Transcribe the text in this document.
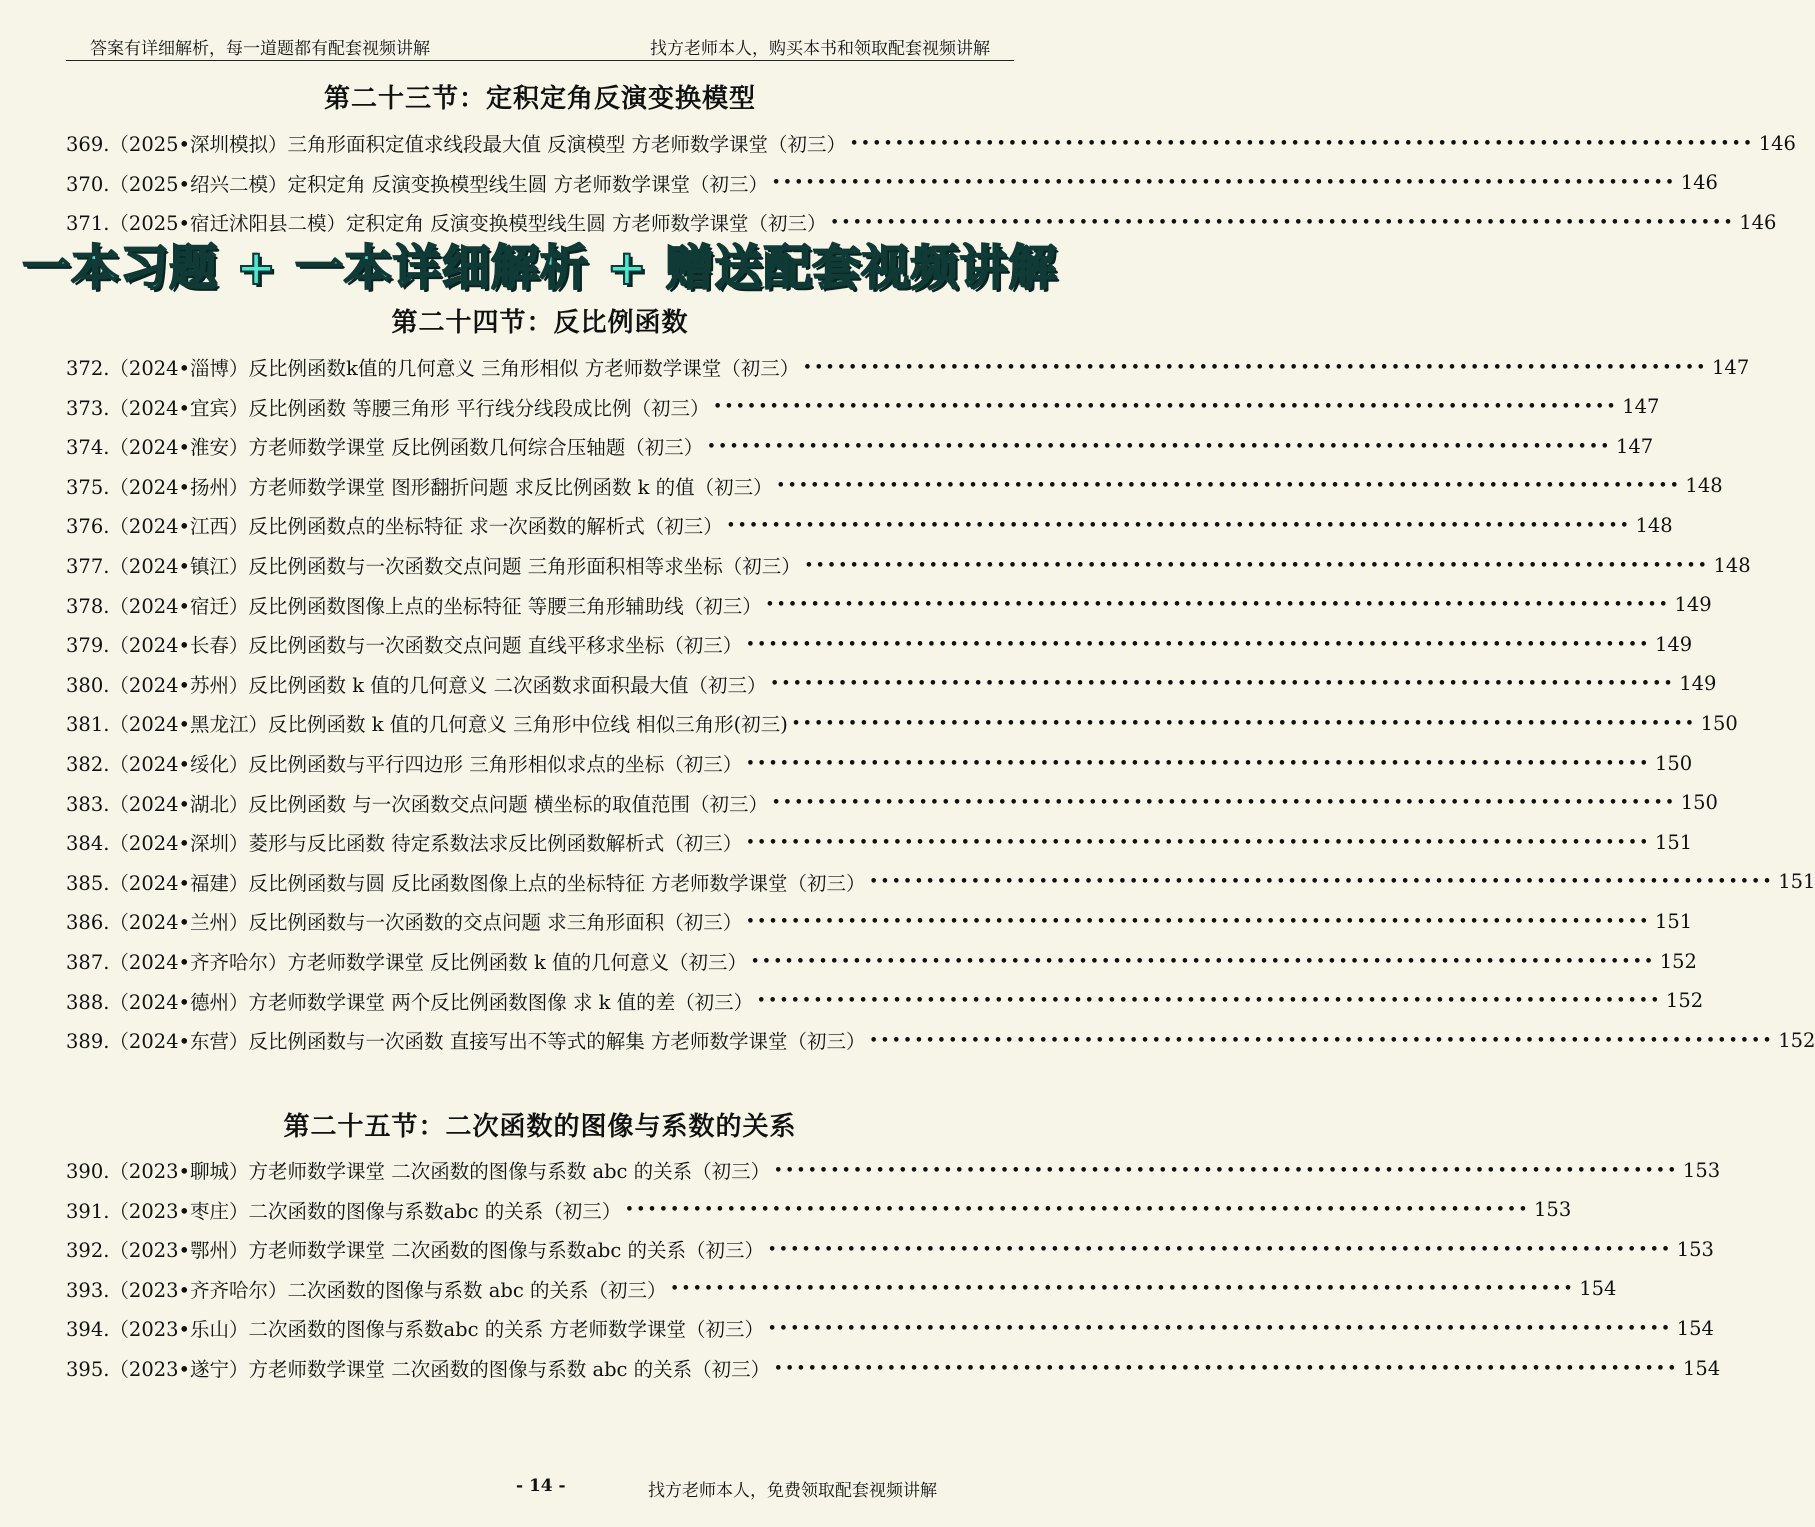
答案有详细解析，每一道题都有配套视频讲解	找方老师本人，购买本书和领取配套视频讲解
第二十三节：定积定角反演变换模型
第二十四节：反比例函数
第二十五节：二次函数的图像与系数的关系
369.（2025•深圳模拟）三角形面积定值求线段最大值 反演模型 方老师数学课堂（初三） •••••••••••••••••••••••••••••••••••••••••••••••••••••••••••••••••••••••••••••••• 146
370.（2025•绍兴二模）定积定角 反演变换模型线生圆 方老师数学课堂（初三） •••••••••••••••••••••••••••••••••••••••••••••••••••••••••••••••••••••••••••••••• 146
371.（2025•宿迁沭阳县二模）定积定角 反演变换模型线生圆 方老师数学课堂（初三） •••••••••••••••••••••••••••••••••••••••••••••••••••••••••••••••••••••••••••••••• 146
372.（2024•淄博）反比例函数k值的几何意义 三角形相似 方老师数学课堂（初三） •••••••••••••••••••••••••••••••••••••••••••••••••••••••••••••••••••••••••••••••• 147
373.（2024•宜宾）反比例函数 等腰三角形 平行线分线段成比例（初三） •••••••••••••••••••••••••••••••••••••••••••••••••••••••••••••••••••••••••••••••• 147
374.（2024•淮安）方老师数学课堂 反比例函数几何综合压轴题（初三） •••••••••••••••••••••••••••••••••••••••••••••••••••••••••••••••••••••••••••••••• 147
375.（2024•扬州）方老师数学课堂 图形翻折问题 求反比例函数 k 的值（初三） •••••••••••••••••••••••••••••••••••••••••••••••••••••••••••••••••••••••••••••••• 148
376.（2024•江西）反比例函数点的坐标特征 求一次函数的解析式（初三） •••••••••••••••••••••••••••••••••••••••••••••••••••••••••••••••••••••••••••••••• 148
377.（2024•镇江）反比例函数与一次函数交点问题 三角形面积相等求坐标（初三） •••••••••••••••••••••••••••••••••••••••••••••••••••••••••••••••••••••••••••••••• 148
378.（2024•宿迁）反比例函数图像上点的坐标特征 等腰三角形辅助线（初三） •••••••••••••••••••••••••••••••••••••••••••••••••••••••••••••••••••••••••••••••• 149
379.（2024•长春）反比例函数与一次函数交点问题 直线平移求坐标（初三） •••••••••••••••••••••••••••••••••••••••••••••••••••••••••••••••••••••••••••••••• 149
380.（2024•苏州）反比例函数 k 值的几何意义 二次函数求面积最大值（初三） •••••••••••••••••••••••••••••••••••••••••••••••••••••••••••••••••••••••••••••••• 149
381.（2024•黑龙江）反比例函数 k 值的几何意义 三角形中位线 相似三角形(初三) •••••••••••••••••••••••••••••••••••••••••••••••••••••••••••••••••••••••••••••••• 150
382.（2024•绥化）反比例函数与平行四边形 三角形相似求点的坐标（初三） •••••••••••••••••••••••••••••••••••••••••••••••••••••••••••••••••••••••••••••••• 150
383.（2024•湖北）反比例函数 与一次函数交点问题 横坐标的取值范围（初三） •••••••••••••••••••••••••••••••••••••••••••••••••••••••••••••••••••••••••••••••• 150
384.（2024•深圳）菱形与反比函数 待定系数法求反比例函数解析式（初三） •••••••••••••••••••••••••••••••••••••••••••••••••••••••••••••••••••••••••••••••• 151
385.（2024•福建）反比例函数与圆 反比函数图像上点的坐标特征 方老师数学课堂（初三） •••••••••••••••••••••••••••••••••••••••••••••••••••••••••••••••••••••••••••••••• 151
386.（2024•兰州）反比例函数与一次函数的交点问题 求三角形面积（初三） •••••••••••••••••••••••••••••••••••••••••••••••••••••••••••••••••••••••••••••••• 151
387.（2024•齐齐哈尔）方老师数学课堂 反比例函数 k 值的几何意义（初三） •••••••••••••••••••••••••••••••••••••••••••••••••••••••••••••••••••••••••••••••• 152
388.（2024•德州）方老师数学课堂 两个反比例函数图像 求 k 值的差（初三） •••••••••••••••••••••••••••••••••••••••••••••••••••••••••••••••••••••••••••••••• 152
389.（2024•东营）反比例函数与一次函数 直接写出不等式的解集 方老师数学课堂（初三） •••••••••••••••••••••••••••••••••••••••••••••••••••••••••••••••••••••••••••••••• 152
390.（2023•聊城）方老师数学课堂 二次函数的图像与系数 abc 的关系（初三） •••••••••••••••••••••••••••••••••••••••••••••••••••••••••••••••••••••••••••••••• 153
391.（2023•枣庄）二次函数的图像与系数abc 的关系（初三） •••••••••••••••••••••••••••••••••••••••••••••••••••••••••••••••••••••••••••••••• 153
392.（2023•鄂州）方老师数学课堂 二次函数的图像与系数abc 的关系（初三） •••••••••••••••••••••••••••••••••••••••••••••••••••••••••••••••••••••••••••••••• 153
393.（2023•齐齐哈尔）二次函数的图像与系数 abc 的关系（初三） •••••••••••••••••••••••••••••••••••••••••••••••••••••••••••••••••••••••••••••••• 154
394.（2023•乐山）二次函数的图像与系数abc 的关系 方老师数学课堂（初三） •••••••••••••••••••••••••••••••••••••••••••••••••••••••••••••••••••••••••••••••• 154
395.（2023•遂宁）方老师数学课堂 二次函数的图像与系数 abc 的关系（初三） •••••••••••••••••••••••••••••••••••••••••••••••••••••••••••••••••••••••••••••••• 154
一本习题 + 一本详细解析 + 赠送配套视频讲解
- 14 -	找方老师本人，免费领取配套视频讲解
